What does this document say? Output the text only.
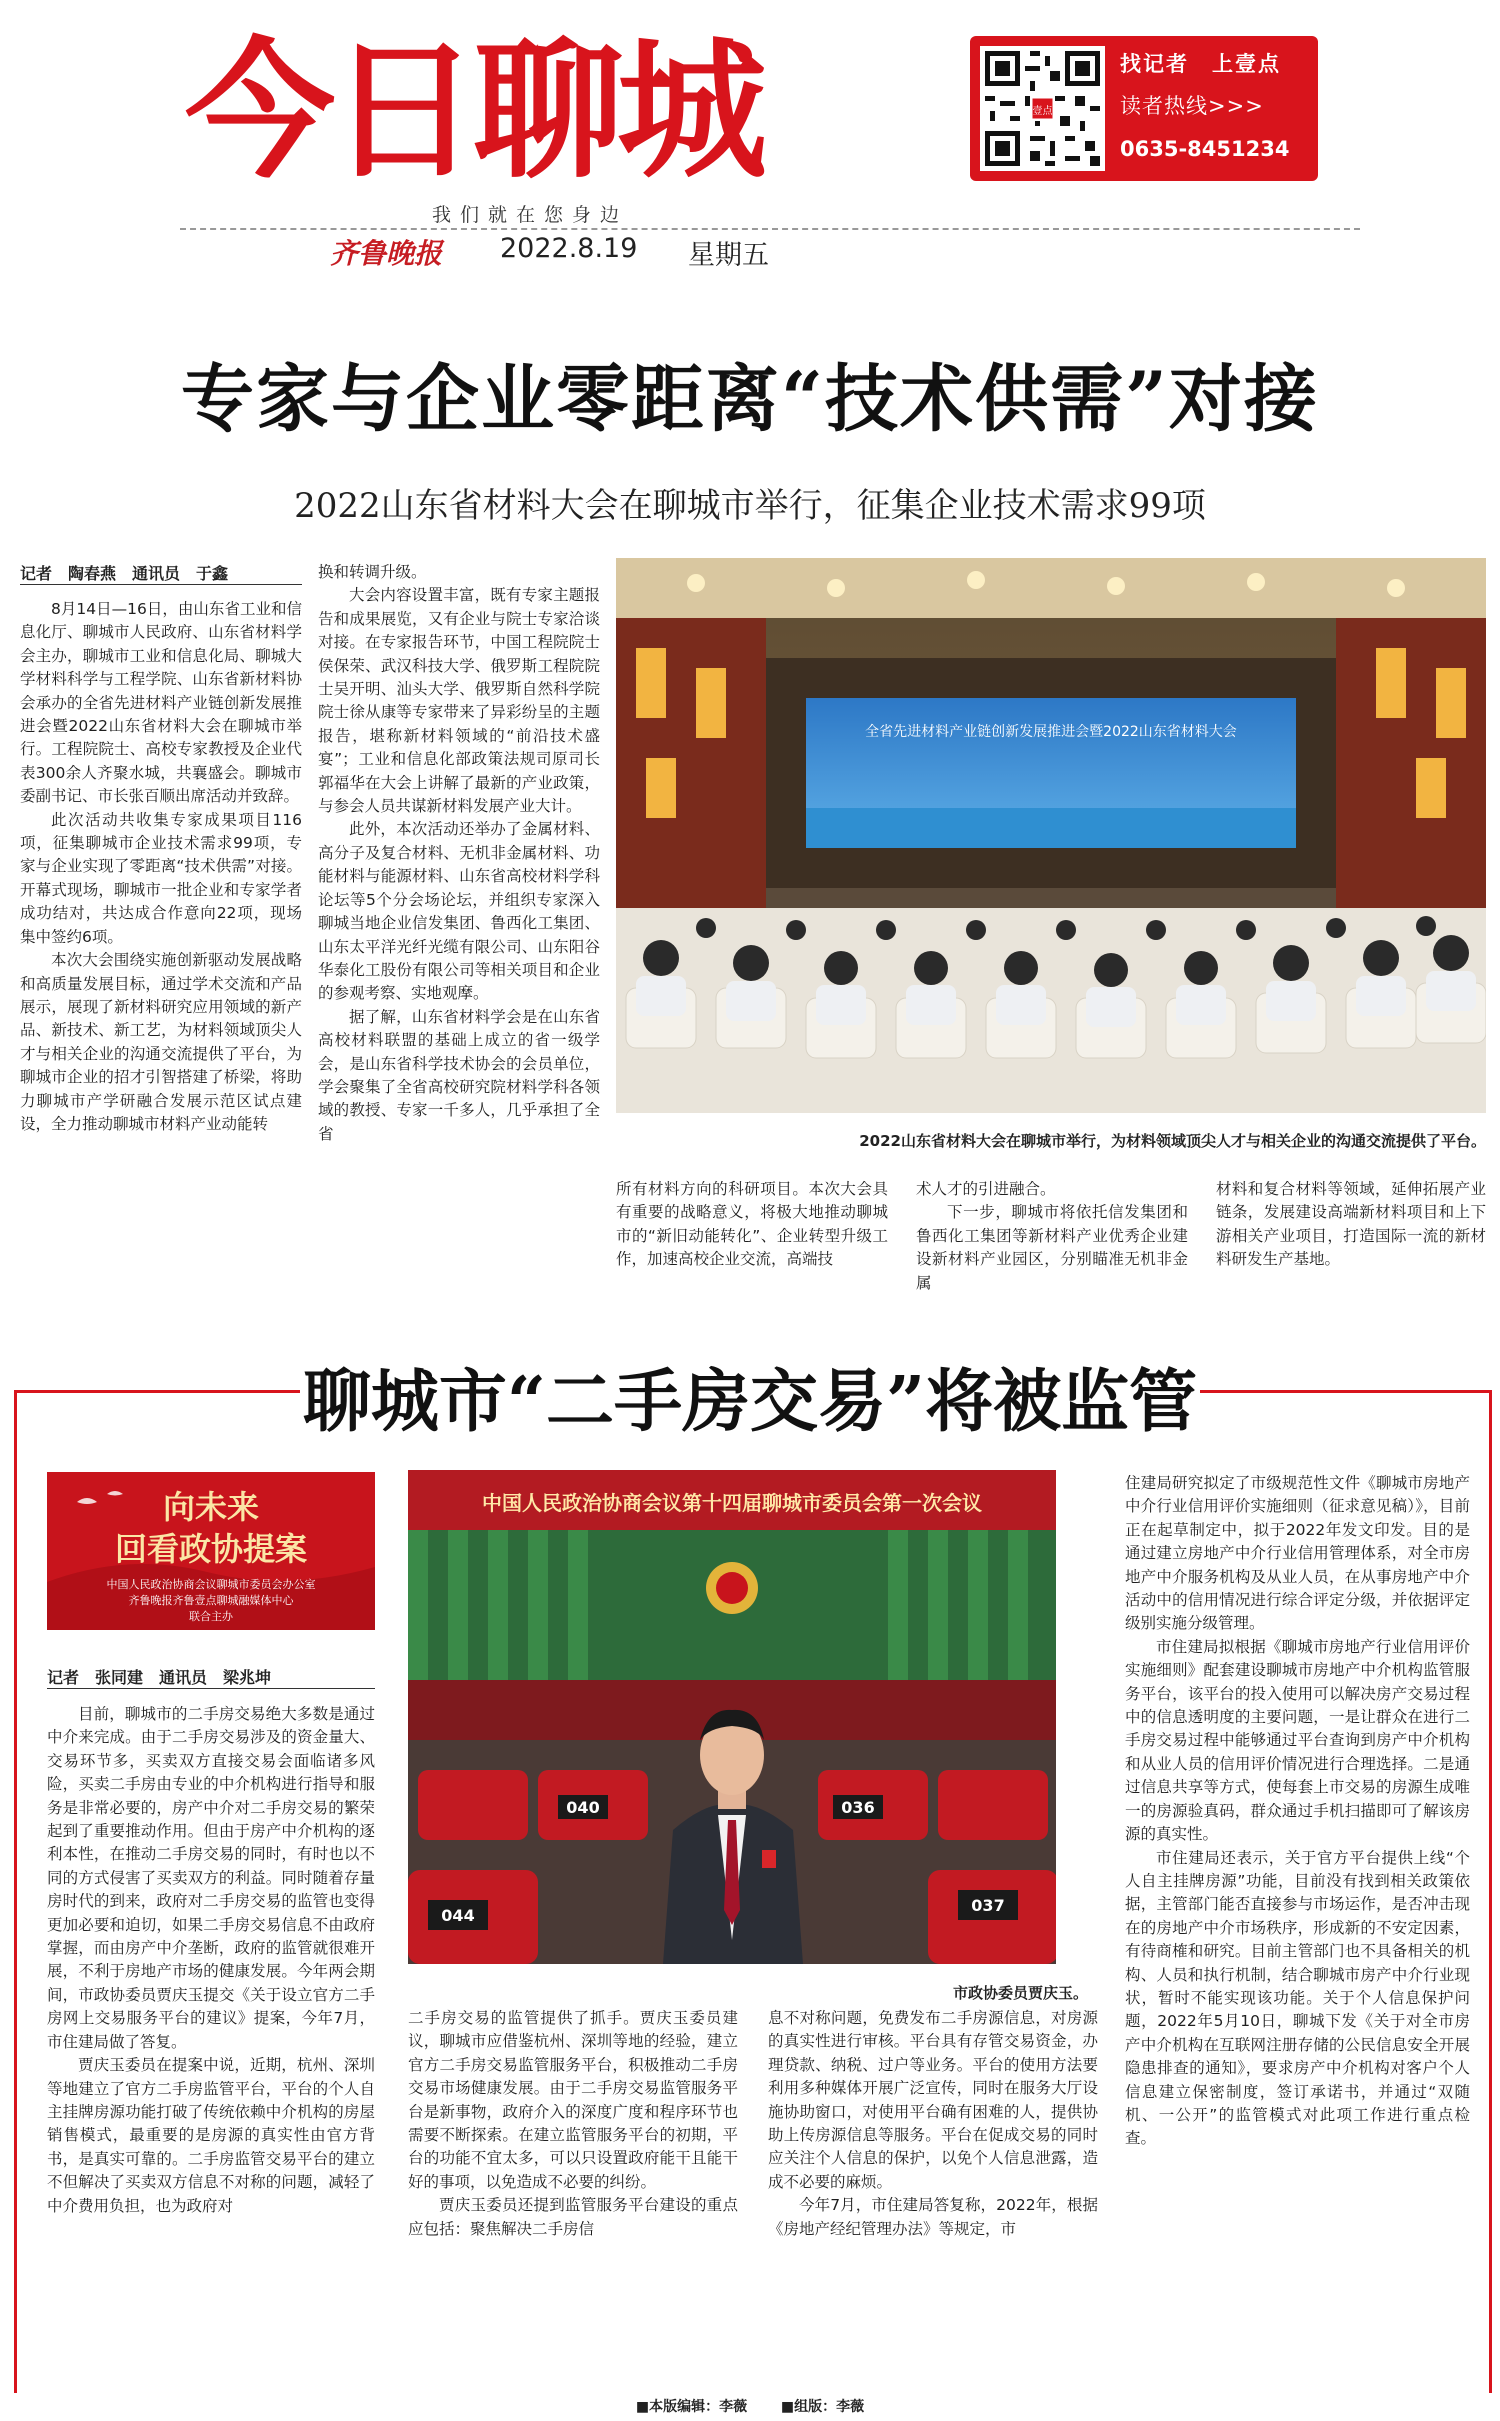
今日聊城	壹点
找记者　上壹点
读者热线>>>
0635-8451234
我们就在您身边
齐鲁晚报 2022.8.19 星期五
专家与企业零距离“技术供需”对接
2022山东省材料大会在聊城市举行，征集企业技术需求99项
记者　陶春燕　通讯员　于鑫

8月14日—16日，由山东省工业和信息化厅、聊城市人民政府、山东省材料学会主办，聊城市工业和信息化局、聊城大学材料科学与工程学院、山东省新材料协会承办的全省先进材料产业链创新发展推进会暨2022山东省材料大会在聊城市举行。工程院院士、高校专家教授及企业代表300余人齐聚水城，共襄盛会。聊城市委副书记、市长张百顺出席活动并致辞。

此次活动共收集专家成果项目116项，征集聊城市企业技术需求99项，专家与企业实现了零距离“技术供需”对接。开幕式现场，聊城市一批企业和专家学者成功结对，共达成合作意向22项，现场集中签约6项。

本次大会围绕实施创新驱动发展战略和高质量发展目标，通过学术交流和产品展示，展现了新材料研究应用领域的新产品、新技术、新工艺，为材料领域顶尖人才与相关企业的沟通交流提供了平台，为聊城市企业的招才引智搭建了桥梁，将助力聊城市产学研融合发展示范区试点建设，全力推动聊城市材料产业动能转

换和转调升级。

大会内容设置丰富，既有专家主题报告和成果展览，又有企业与院士专家洽谈对接。在专家报告环节，中国工程院院士侯保荣、武汉科技大学、俄罗斯工程院院士吴开明、汕头大学、俄罗斯自然科学院院士徐从康等专家带来了异彩纷呈的主题报告，堪称新材料领域的“前沿技术盛宴”；工业和信息化部政策法规司原司长郭福华在大会上讲解了最新的产业政策，与参会人员共谋新材料发展产业大计。

此外，本次活动还举办了金属材料、高分子及复合材料、无机非金属材料、功能材料与能源材料、山东省高校材料学科论坛等5个分会场论坛，并组织专家深入聊城当地企业信发集团、鲁西化工集团、山东太平洋光纤光缆有限公司、山东阳谷华泰化工股份有限公司等相关项目和企业的参观考察、实地观摩。

据了解，山东省材料学会是在山东省高校材料联盟的基础上成立的省一级学会，是山东省科学技术协会的会员单位，学会聚集了全省高校研究院材料学科各领域的教授、专家一千多人，几乎承担了全省

全省先进材料产业链创新发展推进会暨2022山东省材料大会
2022山东省材料大会在聊城市举行，为材料领域顶尖人才与相关企业的沟通交流提供了平台。

所有材料方向的科研项目。本次大会具有重要的战略意义，将极大地推动聊城市的“新旧动能转化”、企业转型升级工作，加速高校企业交流，高端技

术人才的引进融合。

下一步，聊城市将依托信发集团和鲁西化工集团等新材料产业优秀企业建设新材料产业园区，分别瞄准无机非金属

材料和复合材料等领域，延伸拓展产业链条，发展建设高端新材料项目和上下游相关产业项目，打造国际一流的新材料研发生产基地。

聊城市“二手房交易”将被监管
向未来
回看政协提案
中国人民政治协商会议聊城市委员会办公室
齐鲁晚报齐鲁壹点聊城融媒体中心
联合主办
记者　张同建　通讯员　梁兆坤

目前，聊城市的二手房交易绝大多数是通过中介来完成。由于二手房交易涉及的资金量大、交易环节多，买卖双方直接交易会面临诸多风险，买卖二手房由专业的中介机构进行指导和服务是非常必要的，房产中介对二手房交易的繁荣起到了重要推动作用。但由于房产中介机构的逐利本性，在推动二手房交易的同时，有时也以不同的方式侵害了买卖双方的利益。同时随着存量房时代的到来，政府对二手房交易的监管也变得更加必要和迫切，如果二手房交易信息不由政府掌握，而由房产中介垄断，政府的监管就很难开展，不利于房地产市场的健康发展。今年两会期间，市政协委员贾庆玉提交《关于设立官方二手房网上交易服务平台的建议》提案，今年7月，市住建局做了答复。

贾庆玉委员在提案中说，近期，杭州、深圳等地建立了官方二手房监管平台，平台的个人自主挂牌房源功能打破了传统依赖中介机构的房屋销售模式，最重要的是房源的真实性由官方背书，是真实可靠的。二手房监管交易平台的建立不但解决了买卖双方信息不对称的问题，减轻了中介费用负担，也为政府对

中国人民政治协商会议第十四届聊城市委员会第一次会议
044
040	036
037
市政协委员贾庆玉。

二手房交易的监管提供了抓手。贾庆玉委员建议，聊城市应借鉴杭州、深圳等地的经验，建立官方二手房交易监管服务平台，积极推动二手房交易市场健康发展。由于二手房交易监管服务平台是新事物，政府介入的深度广度和程序环节也需要不断探索。在建立监管服务平台的初期，平台的功能不宜太多，可以只设置政府能干且能干好的事项，以免造成不必要的纠纷。

贾庆玉委员还提到监管服务平台建设的重点应包括：聚焦解决二手房信

息不对称问题，免费发布二手房源信息，对房源的真实性进行审核。平台具有存管交易资金，办理贷款、纳税、过户等业务。平台的使用方法要利用多种媒体开展广泛宣传，同时在服务大厅设施协助窗口，对使用平台确有困难的人，提供协助上传房源信息等服务。平台在促成交易的同时应关注个人信息的保护，以免个人信息泄露，造成不必要的麻烦。

今年7月，市住建局答复称，2022年，根据《房地产经纪管理办法》等规定，市

住建局研究拟定了市级规范性文件《聊城市房地产中介行业信用评价实施细则（征求意见稿）》，目前正在起草制定中，拟于2022年发文印发。目的是通过建立房地产中介行业信用管理体系，对全市房地产中介服务机构及从业人员，在从事房地产中介活动中的信用情况进行综合评定分级，并依据评定级别实施分级管理。

市住建局拟根据《聊城市房地产行业信用评价实施细则》配套建设聊城市房地产中介机构监管服务平台，该平台的投入使用可以解决房产交易过程中的信息透明度的主要问题，一是让群众在进行二手房交易过程中能够通过平台查询到房产中介机构和从业人员的信用评价情况进行合理选择。二是通过信息共享等方式，使每套上市交易的房源生成唯一的房源验真码，群众通过手机扫描即可了解该房源的真实性。

市住建局还表示，关于官方平台提供上线“个人自主挂牌房源”功能，目前没有找到相关政策依据，主管部门能否直接参与市场运作，是否冲击现在的房地产中介市场秩序，形成新的不安定因素，有待商榷和研究。目前主管部门也不具备相关的机构、人员和执行机制，结合聊城市房产中介行业现状，暂时不能实现该功能。关于个人信息保护问题，2022年5月10日，聊城下发《关于对全市房产中介机构在互联网注册存储的公民信息安全开展隐患排查的通知》，要求房产中介机构对客户个人信息建立保密制度，签订承诺书，并通过“双随机、一公开”的监管模式对此项工作进行重点检查。

■本版编辑：李薇 ■组版：李薇
